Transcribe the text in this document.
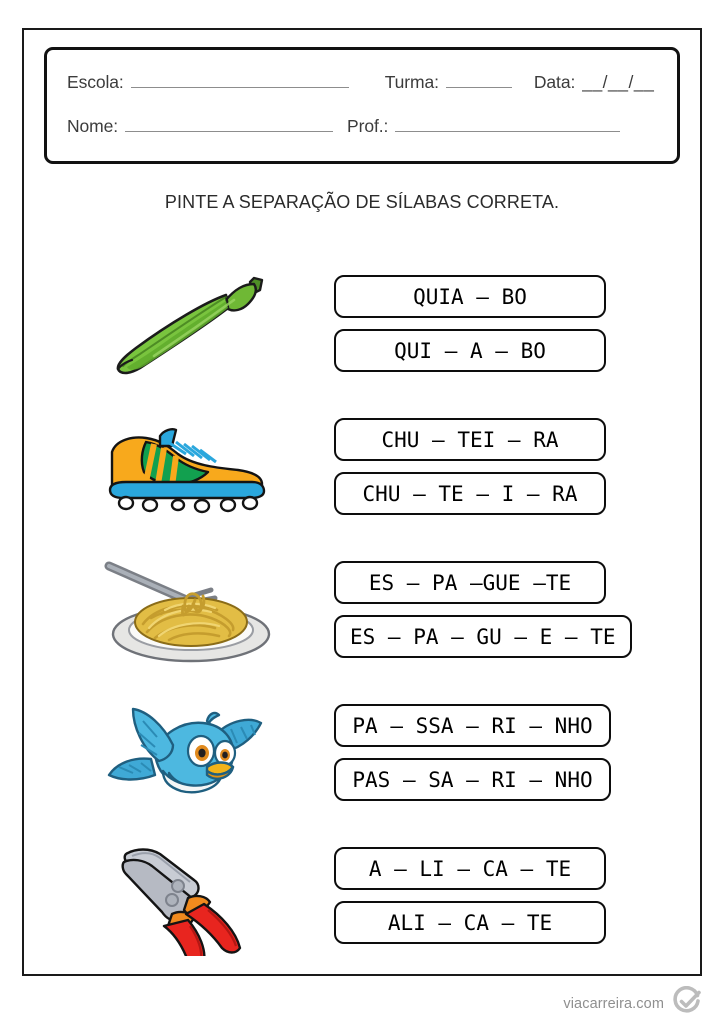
Escola:	Turma:	Data: __/__/__
Nome:	Prof.:
PINTE A SEPARAÇÃO DE SÍLABAS CORRETA.
QUIA – BO
QUI – A – BO
CHU – TEI – RA
CHU – TE – I – RA
ES – PA –GUE –TE
ES – PA – GU – E – TE
PA – SSA – RI – NHO
PAS – SA – RI – NHO
A – LI – CA – TE
ALI – CA – TE
viacarreira.com
